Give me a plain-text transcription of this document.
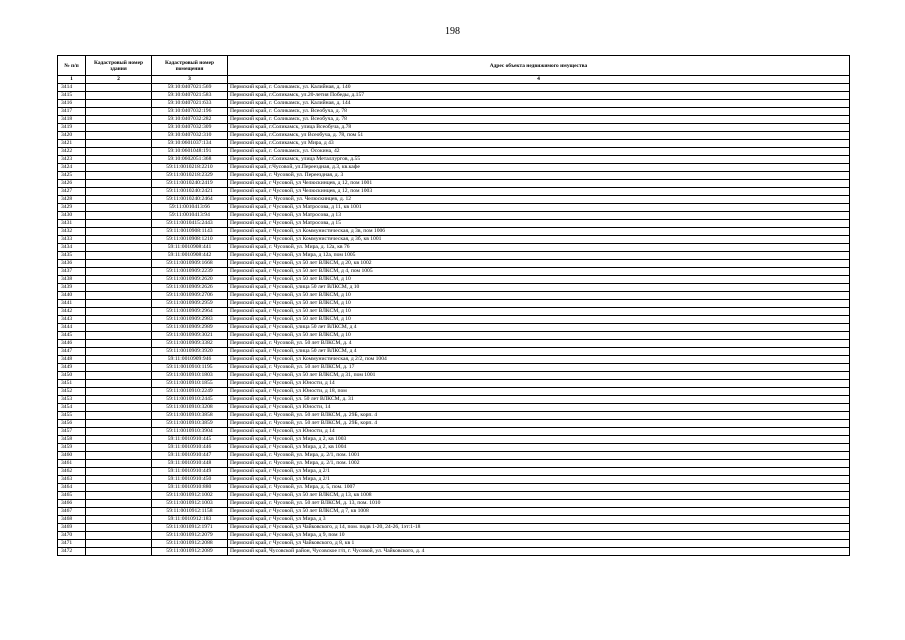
198
№ п/п	Кадастровый номер здания	Кадастровый номер помещения	Адрес объекта недвижимого имущества
1	2	3	4
3414		59:10:0407021:569	Пермский край, г. Соликамск, ул. Калийная, д. 140
3415		59:10:0407021:583	Пермский край, г.Соликамск, ул.20-летия Победы, д.157
3416		59:10:0407021:633	Пермский край, г. Соликамск, ул. Калийная, д. 144
3417		59:10:0407032:196	Пермский край, г. Соликамск, ул. Всеобуча, д. 78
3418		59:10:0407032:282	Пермский край, г. Соликамск, ул. Всеобуча, д. 78
3419		59:10:0407032:309	Пермский край, г.Соликамск, улица Всеобуча, д.78
3420		59:10:0407032:310	Пермский край, г.Соликамск, ул Всеобуча, д. 78, пом 51
3421		59:10:0601037:134	Пермский край, г.Соликамск, ул Мира, д 43
3422		59:10:0601048:191	Пермский край, г. Соликамск, ул. Осокина, 42
3423		59:10:0602051:368	Пермский край, г.Соликамск, улица Металлургов, д.55
3424		59:11:0010218:2210	Пермский край, г.Чусовой, ул.Переездная, д.3, кв.кафе
3425		59:11:0010218:2329	Пермский край, г. Чусовой, ул. Переездная, д. 3
3426		59:11:0010240:2419	Пермский край, г Чусовой, ул Челюскинцев, д 12, пом 1001
3427		59:11:0010240:2421	Пермский край, г Чусовой, ул Челюскинцев, д 12, пом 1003
3428		59:11:0010240:2464	Пермский край, г. Чусовой, ул. Челюскинцев, д. 12
3429		59:11:0010413:66	Пермский край, г Чусовой, ул Матросова, д 11, кв 1001
3430		59:11:0010413:94	Пермский край, г Чусовой, ул Матросова, д 13
3431		59:11:0010415:2443	Пермский край, г Чусовой, ул Матросова, д 15
3432		59:11:0010908:1143	Пермский край, г Чусовой, ул Коммунистическая, д 3в, пом 1006
3433		59:11:0010908:1210	Пермский край, г Чусовой, ул Коммунистическая, д 3б, кв 1001
3434		59:11:0010908:441	Пермский край, г. Чусовой, ул. Мира, д. 12а, кв 76
3435		59:11:0010908:442	Пермский край, г Чусовой, ул Мира, д 12а, пом 1005
3436		59:11:0010909:1668	Пермский край, г Чусовой, ул 50 лет ВЛКСМ, д 20, кв 1002
3437		59:11:0010909:2239	Пермский край, г Чусовой, ул 50 лет ВЛКСМ, д 4, пом 1005
3438		59:11:0010909:2620	Пермский край, г Чусовой, ул 50 лет ВЛКСМ, д 10
3439		59:11:0010909:2626	Пермский край, г Чусовой, улица 50 лет ВЛКСМ, д 10
3440		59:11:0010909:2706	Пермский край, г Чусовой, ул 50 лет ВЛКСМ, д 10
3441		59:11:0010909:2959	Пермский край, г Чусовой, ул 50 лет ВЛКСМ, д 10
3442		59:11:0010909:2964	Пермский край, г Чусовой, ул 50 лет ВЛКСМ, д 10
3443		59:11:0010909:2983	Пермский край, г Чусовой, ул 50 лет ВЛКСМ, д 10
3444		59:11:0010909:2989	Пермский край, г Чусовой, улица 50 лет ВЛКСМ, д 4
3445		59:11:0010909:3021	Пермский край, г Чусовой, ул 50 лет ВЛКСМ, д 10
3446		59:11:0010909:3382	Пермский край, г. Чусовой, ул. 50 лет ВЛКСМ, д. 4
3447		59:11:0010909:3920	Пермский край, г Чусовой, улица 50 лет ВЛКСМ, д 4
3448		59:11:0010909:946	Пермский край, г Чусовой, ул Коммунистическая, д 2/2, пом 1004
3449		59:11:0010910:1195	Пермский край, г. Чусовой, ул. 50 лет ВЛКСМ, д. 17
3450		59:11:0010910:1803	Пермский край, г Чусовой, ул 50 лет ВЛКСМ, д 31, пом 1001
3451		59:11:0010910:1855	Пермский край, г Чусовой, ул Юности, д 14
3452		59:11:0010910:2249	Пермский край, г Чусовой, ул Юности, д 18, пом
3453		59:11:0010910:2445	Пермский край, г Чусовой, ул. 50 лет ВЛКСМ, д. 31
3454		59:11:0010910:3208	Пермский край, г Чусовой, ул Юности, 14
3455		59:11:0010910:3858	Пермский край, г. Чусовой, ул. 50 лет ВЛКСМ, д. 29Б, корп. 4
3456		59:11:0010910:3859	Пермский край, г. Чусовой, ул. 50 лет ВЛКСМ, д. 29Б, корп. 4
3457		59:11:0010910:3904	Пермский край, г Чусовой, ул Юности, д 14
3458		59:11:0010910:445	Пермский край, г Чусовой, ул Мира, д 2, кв 1003
3459		59:11:0010910:446	Пермский край, г Чусовой, ул Мира, д 2, кв 1004
3460		59:11:0010910:447	Пермский край, г. Чусовой, ул. Мира, д. 2/1, пом. 1001
3461		59:11:0010910:448	Пермский край, г. Чусовой, ул. Мира, д. 2/1, пом. 1002
3462		59:11:0010910:449	Пермский край, г Чусовой, ул Мира, д 2/1
3463		59:11:0010910:450	Пермский край, г Чусовой, ул Мира, д 2/1
3464		59:11:0010910:880	Пермский край, г. Чусовой, ул. Мира, д. 5, пом. 1007
3465		59:11:0010912:1002	Пермский край, г Чусовой, ул 50 лет ВЛКСМ, д 13, кв 1008
3466		59:11:0010912:1003	Пермский край, г. Чусовой, ул. 50 лет ВЛКСМ, д. 13, пом. 1010
3467		59:11:0010912:1158	Пермский край, г Чусовой, ул 50 лет ВЛКСМ, д 7, кв 1008
3468		59:11:0010912:183	Пермский край, г Чусовой, ул Мира, д 3
3469		59:11:0010912:1971	Пермский край, г Чусовой, ул Чайковского, д 14, пом. подв 1-20, 24-26, 1эт:1-18
3470		59:11:0010912:2079	Пермский край, г Чусовой, ул Мира, д 9, пом 10
3471		59:11:0010912:2088	Пермский край, г Чусовой, ул Чайковского, д 8, кв 1
3472		59:11:0010912:2089	Пермский край, Чусовской район, Чусовское г/п, г. Чусовой, ул. Чайковского, д. 4
